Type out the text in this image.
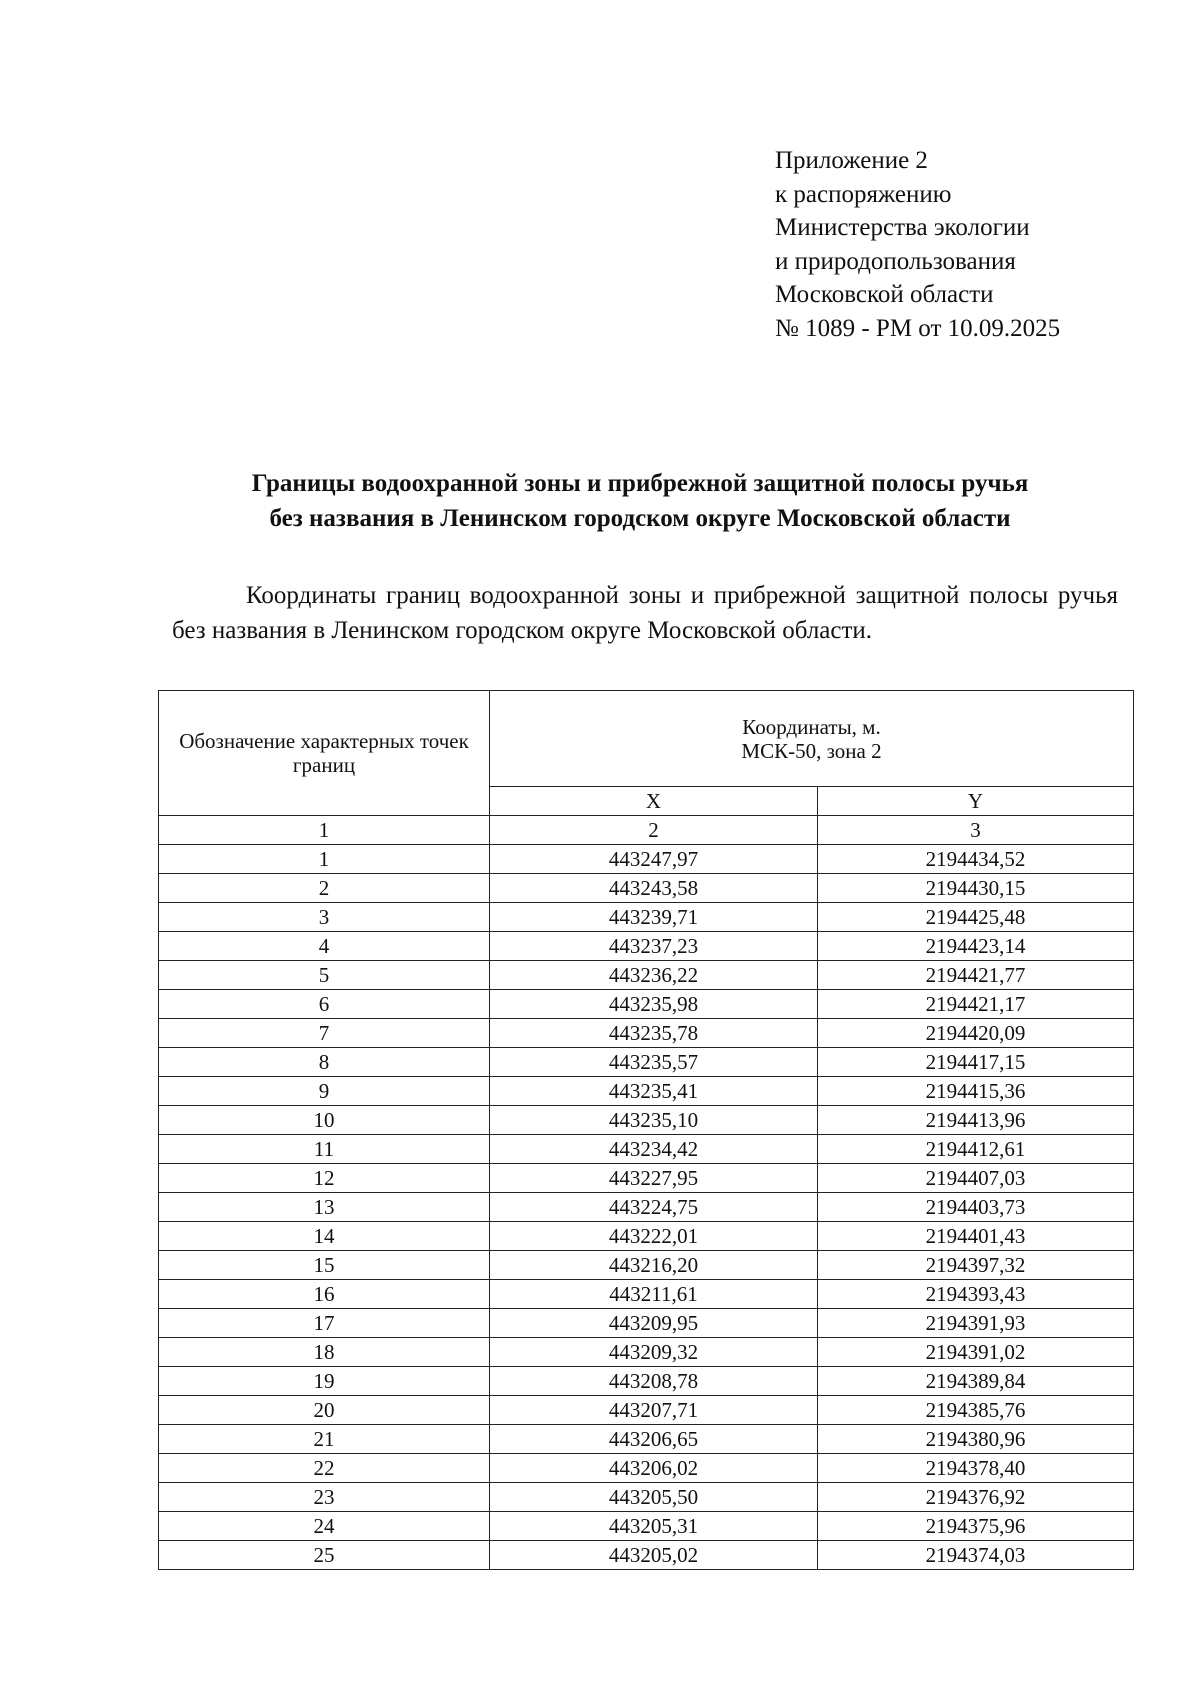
Приложение 2
к распоряжению
Министерства экологии
и природопользования
Московской области
№ 1089 - РМ от 10.09.2025
Границы водоохранной зоны и прибрежной защитной полосы ручья
без названия в Ленинском городском округе Московской области
Координаты границ водоохранной зоны и прибрежной защитной полосы ручья без названия в Ленинском городском округе Московской области.
Обозначение характерных точек границ	Координаты, м.
МСК-50, зона 2	

	X	Y
1	2	3
1	443247,97	2194434,52
2	443243,58	2194430,15
3	443239,71	2194425,48
4	443237,23	2194423,14
5	443236,22	2194421,77
6	443235,98	2194421,17
7	443235,78	2194420,09
8	443235,57	2194417,15
9	443235,41	2194415,36
10	443235,10	2194413,96
11	443234,42	2194412,61
12	443227,95	2194407,03
13	443224,75	2194403,73
14	443222,01	2194401,43
15	443216,20	2194397,32
16	443211,61	2194393,43
17	443209,95	2194391,93
18	443209,32	2194391,02
19	443208,78	2194389,84
20	443207,71	2194385,76
21	443206,65	2194380,96
22	443206,02	2194378,40
23	443205,50	2194376,92
24	443205,31	2194375,96
25	443205,02	2194374,03
